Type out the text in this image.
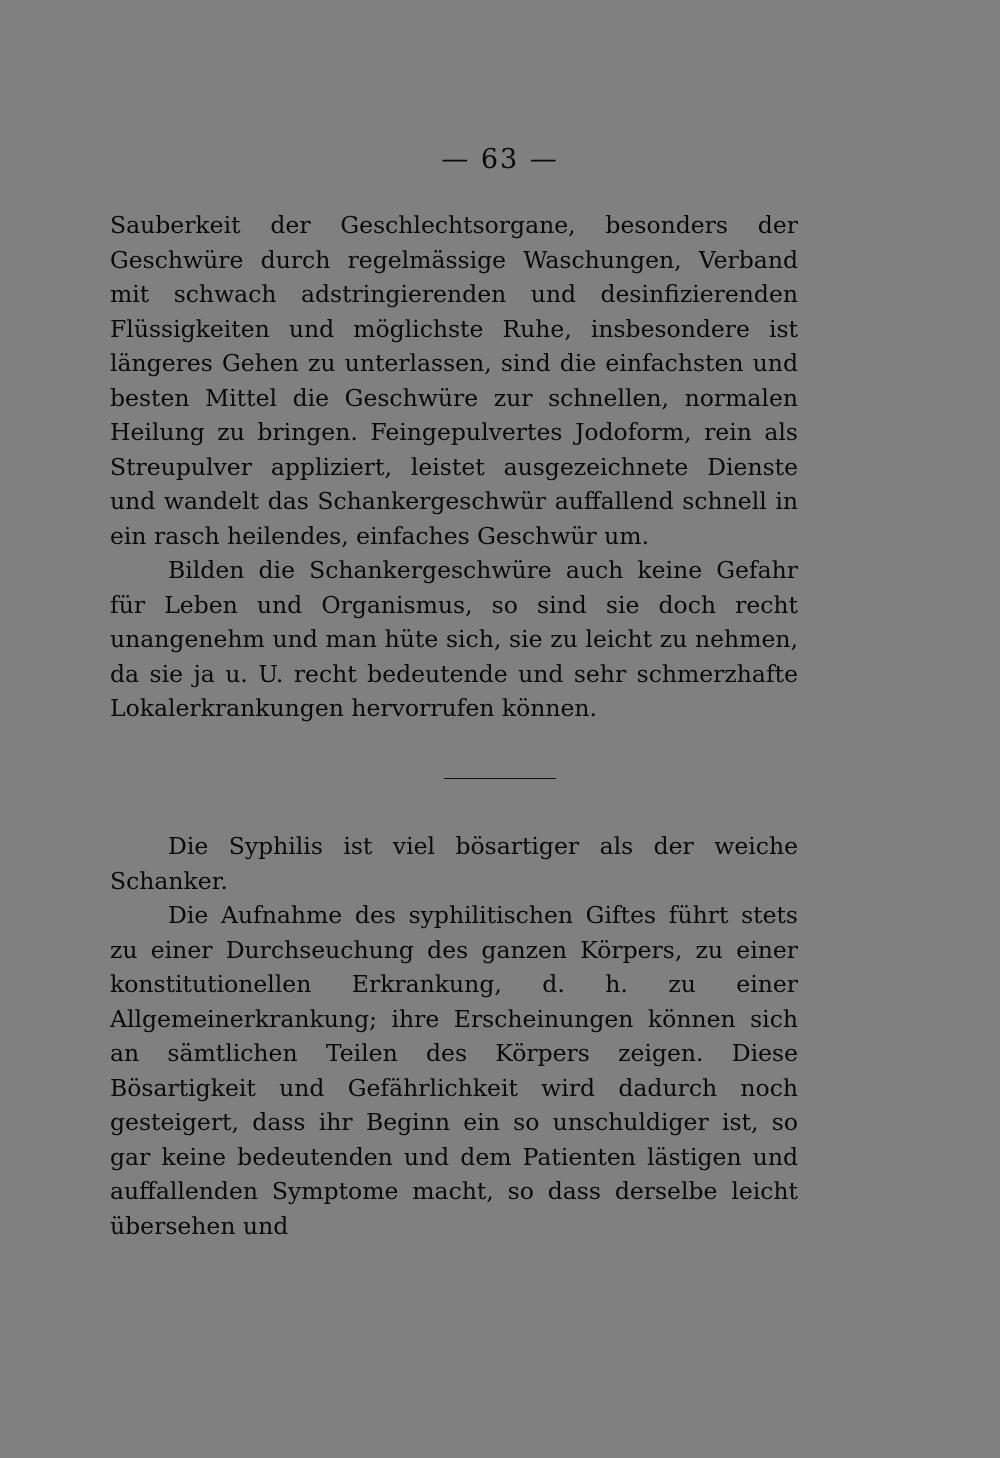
— 63 —

Sauberkeit der Geschlechtsorgane, besonders der Geschwüre durch regelmässige Waschungen, Verband mit schwach adstringierenden und desinfizierenden Flüssigkeiten und möglichste Ruhe, insbesondere ist längeres Gehen zu unterlassen, sind die einfachsten und besten Mittel die Geschwüre zur schnellen, normalen Heilung zu bringen. Feingepulvertes Jodoform, rein als Streupulver appliziert, leistet ausgezeichnete Dienste und wandelt das Schankergeschwür auffallend schnell in ein rasch heilendes, einfaches Geschwür um.

Bilden die Schankergeschwüre auch keine Gefahr für Leben und Organismus, so sind sie doch recht unangenehm und man hüte sich, sie zu leicht zu nehmen, da sie ja u. U. recht bedeutende und sehr schmerzhafte Lokalerkrankungen hervorrufen können.

Die Syphilis ist viel bösartiger als der weiche Schanker.

Die Aufnahme des syphilitischen Giftes führt stets zu einer Durchseuchung des ganzen Körpers, zu einer konstitutionellen Erkrankung, d. h. zu einer Allgemeinerkrankung; ihre Erscheinungen können sich an sämtlichen Teilen des Körpers zeigen. Diese Bösartigkeit und Gefährlichkeit wird dadurch noch gesteigert, dass ihr Beginn ein so unschuldiger ist, so gar keine bedeutenden und dem Patienten lästigen und auffallenden Symptome macht, so dass derselbe leicht übersehen und
